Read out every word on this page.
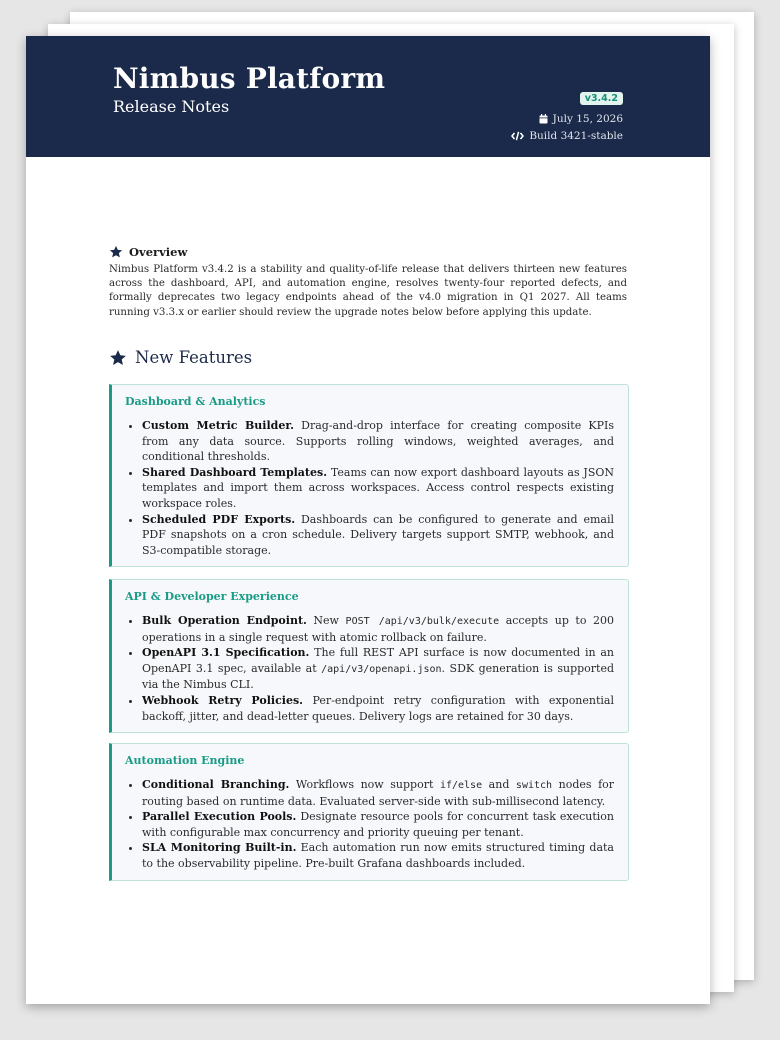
Nimbus Platform
Release Notes	v3.4.2
July 15, 2026
Build 3421-stable
Overview

Nimbus Platform v3.4.2 is a stability and quality-of-life release that delivers thirteen new features across the dashboard, API, and automation engine, resolves twenty-four reported defects, and formally deprecates two legacy endpoints ahead of the v4.0 migration in Q1 2027. All teams running v3.3.x or earlier should review the upgrade notes below before applying this update.

New Features
Dashboard & Analytics
• Custom Metric Builder. Drag-and-drop interface for creating composite KPIs from any data source. Supports rolling windows, weighted averages, and conditional thresholds.
• Shared Dashboard Templates. Teams can now export dashboard layouts as JSON templates and import them across workspaces. Access control respects existing workspace roles.
• Scheduled PDF Exports. Dashboards can be configured to generate and email PDF snapshots on a cron schedule. Delivery targets support SMTP, webhook, and S3-compatible storage.
API & Developer Experience
• Bulk Operation Endpoint. New POST /api/v3/bulk/execute accepts up to 200 operations in a single request with atomic rollback on failure.
• OpenAPI 3.1 Specification. The full REST API surface is now documented in an OpenAPI 3.1 spec, available at /api/v3/openapi.json. SDK generation is supported via the Nimbus CLI.
• Webhook Retry Policies. Per-endpoint retry configuration with exponential backoff, jitter, and dead-letter queues. Delivery logs are retained for 30 days.
Automation Engine
• Conditional Branching. Workflows now support if/else and switch nodes for routing based on runtime data. Evaluated server-side with sub-millisecond latency.
• Parallel Execution Pools. Designate resource pools for concurrent task execution with configurable max concurrency and priority queuing per tenant.
• SLA Monitoring Built-in. Each automation run now emits structured timing data to the observability pipeline. Pre-built Grafana dashboards included.
